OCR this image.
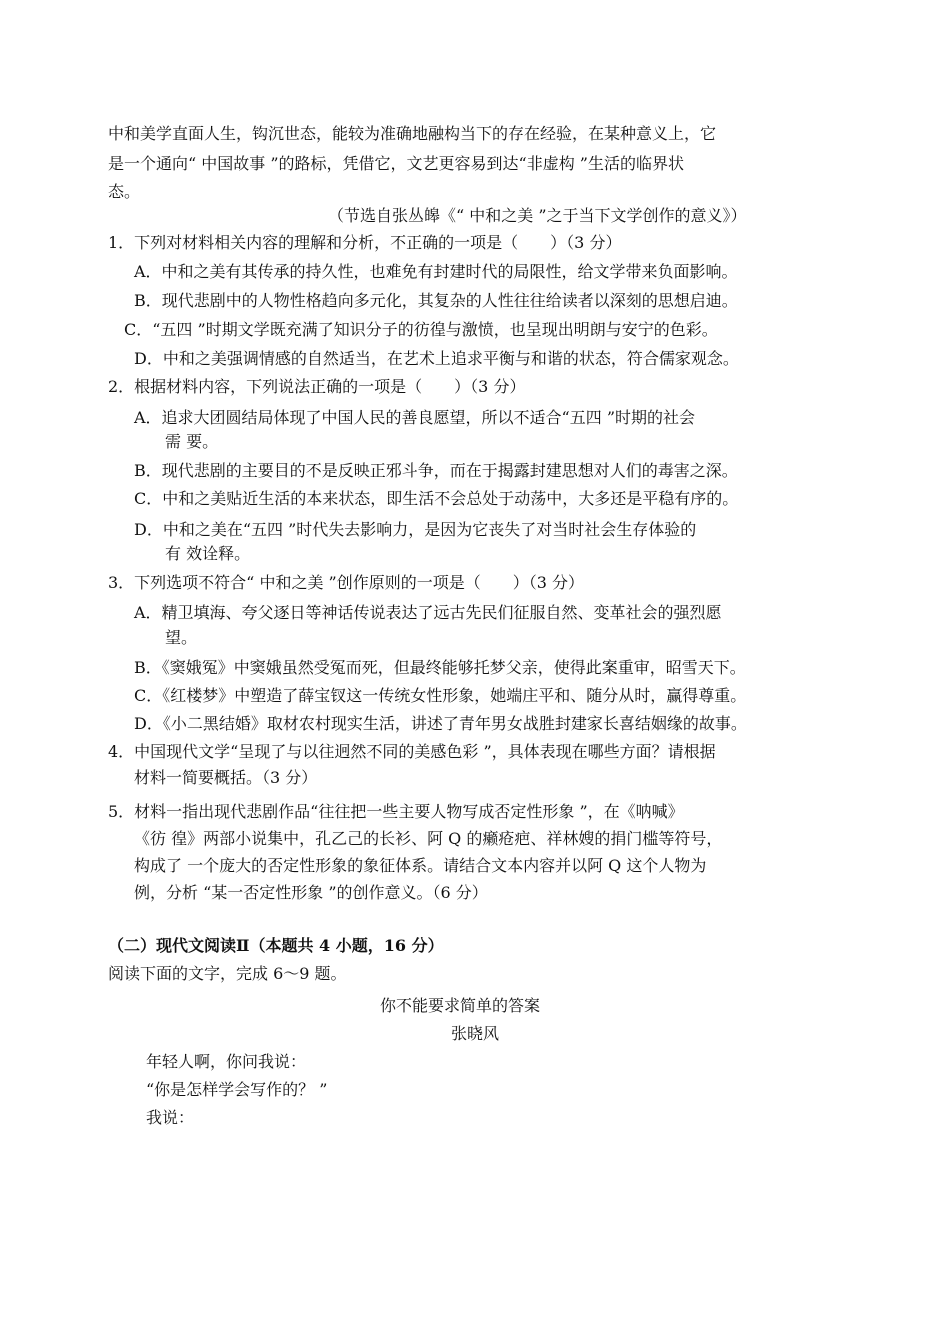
中和美学直面人生，钩沉世态，能较为准确地融构当下的存在经验，在某种意义上，它
是一个通向“ 中国故事 ”的路标，凭借它，文艺更容易到达“非虚构 ”生活的临界状
态。
（节选自张丛皞《“ 中和之美 ”之于当下文学创作的意义》）
1．下列对材料相关内容的理解和分析，不正确的一项是（　　）（3 分）
A．中和之美有其传承的持久性，也难免有封建时代的局限性，给文学带来负面影响。
B．现代悲剧中的人物性格趋向多元化，其复杂的人性往往给读者以深刻的思想启迪。
C．“五四 ”时期文学既充满了知识分子的彷徨与激愤，也呈现出明朗与安宁的色彩。
D．中和之美强调情感的自然适当，在艺术上追求平衡与和谐的状态，符合儒家观念。
2．根据材料内容，下列说法正确的一项是（　　）（3 分）
A．追求大团圆结局体现了中国人民的善良愿望，所以不适合“五四 ”时期的社会
需 要。
B．现代悲剧的主要目的不是反映正邪斗争，而在于揭露封建思想对人们的毒害之深。
C．中和之美贴近生活的本来状态，即生活不会总处于动荡中，大多还是平稳有序的。
D．中和之美在“五四 ”时代失去影响力，是因为它丧失了对当时社会生存体验的
有 效诠释。
3．下列选项不符合“ 中和之美 ”创作原则的一项是（　　）（3 分）
A．精卫填海、夸父逐日等神话传说表达了远古先民们征服自然、变革社会的强烈愿
望。
B．《窦娥冤》中窦娥虽然受冤而死，但最终能够托梦父亲，使得此案重审，昭雪天下。
C．《红楼梦》中塑造了薛宝钗这一传统女性形象，她端庄平和、随分从时，赢得尊重。
D．《小二黑结婚》取材农村现实生活，讲述了青年男女战胜封建家长喜结姻缘的故事。
4．中国现代文学“呈现了与以往迥然不同的美感色彩 ”，具体表现在哪些方面？请根据
材料一简要概括。（3 分）
5．材料一指出现代悲剧作品“往往把一些主要人物写成否定性形象 ”，在《呐喊》
《彷 徨》两部小说集中，孔乙己的长衫、阿 Q 的癞疮疤、祥林嫂的捐门槛等符号，
构成了 一个庞大的否定性形象的象征体系。请结合文本内容并以阿 Q 这个人物为
例，分析 “某一否定性形象 ”的创作意义。（6 分）
（二）现代文阅读Ⅱ（本题共 4 小题，16 分）
阅读下面的文字，完成 6～9 题。
你不能要求简单的答案
张晓风
年轻人啊，你问我说：
“你是怎样学会写作的？ ”
我说：
